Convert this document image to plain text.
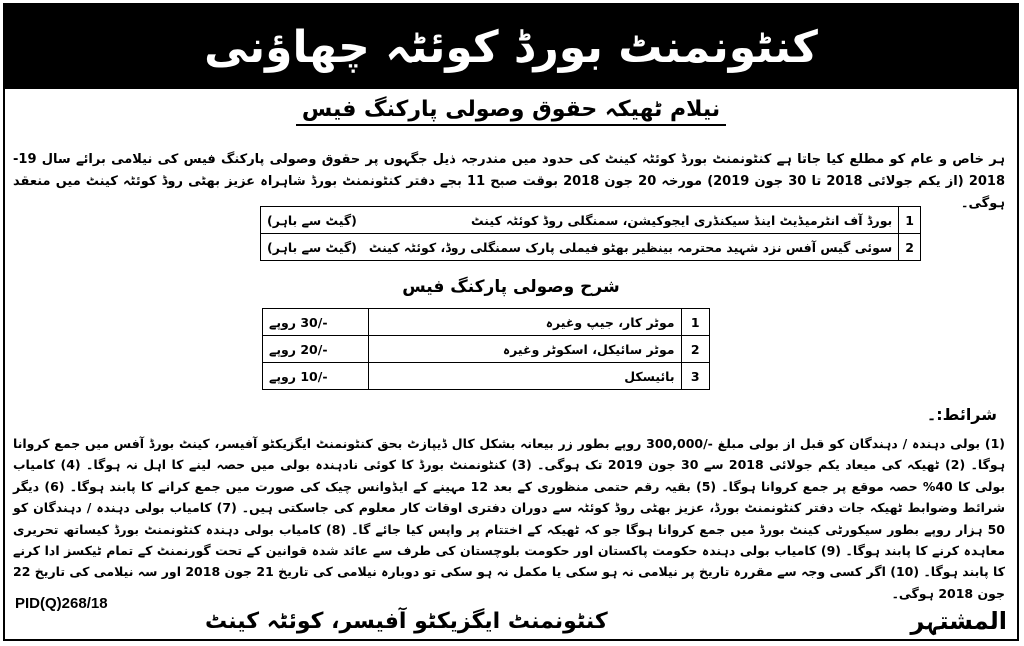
کنٹونمنٹ بورڈ کوئٹہ چھاؤنی
نیلام ٹھیکہ حقوق وصولی پارکنگ فیس
ہر خاص و عام کو مطلع کیا جاتا ہے کنٹونمنٹ بورڈ کوئٹہ کینٹ کی حدود میں مندرجہ ذیل جگہوں پر حقوق وصولی پارکنگ فیس کی نیلامی برائے سال 19-2018 (از یکم جولائی 2018 تا 30 جون 2019) مورخہ 20 جون 2018 بوقت صبح 11 بجے دفتر کنٹونمنٹ بورڈ شاہراہ عزیز بھٹی روڈ کوئٹہ کینٹ میں منعقد ہوگی۔
1	بورڈ آف انٹرمیڈیٹ اینڈ سیکنڈری ایجوکیشن، سمنگلی روڈ کوئٹہ کینٹ	(گیٹ سے باہر)
2	سوئی گیس آفس نزد شہید محترمہ بینظیر بھٹو فیملی پارک سمنگلی روڈ، کوئٹہ کینٹ	(گیٹ سے باہر)
شرح وصولی پارکنگ فیس
1	موٹر کار، جیپ وغیرہ	-/30 روپے
2	موٹر سائیکل، اسکوٹر وغیرہ	-/20 روپے
3	بائیسکل	-/10 روپے
شرائط:۔
(1) بولی دہندہ / دہندگان کو قبل از بولی مبلغ -/300,000 روپے بطور زر بیعانہ بشکل کال ڈیپازٹ بحق کنٹونمنٹ ایگزیکٹو آفیسر، کینٹ بورڈ آفس میں جمع کروانا ہوگا۔ (2) ٹھیکہ کی میعاد یکم جولائی 2018 سے 30 جون 2019 تک ہوگی۔ (3) کنٹونمنٹ بورڈ کا کوئی نادہندہ بولی میں حصہ لینے کا اہل نہ ہوگا۔ (4) کامیاب بولی کا 40% حصہ موقع پر جمع کروانا ہوگا۔ (5) بقیہ رقم حتمی منظوری کے بعد 12 مہینے کے ایڈوانس چیک کی صورت میں جمع کرانے کا پابند ہوگا۔ (6) دیگر شرائط وضوابط ٹھیکہ جات دفتر کنٹونمنٹ بورڈ، عزیز بھٹی روڈ کوئٹہ سے دوران دفتری اوقات کار معلوم کی جاسکتی ہیں۔ (7) کامیاب بولی دہندہ / دہندگان کو 50 ہزار روپے بطور سیکورٹی کینٹ بورڈ میں جمع کروانا ہوگا جو کہ ٹھیکہ کے اختتام پر واپس کیا جائے گا۔ (8) کامیاب بولی دہندہ کنٹونمنٹ بورڈ کیساتھ تحریری معاہدہ کرنے کا پابند ہوگا۔ (9) کامیاب بولی دہندہ حکومت پاکستان اور حکومت بلوچستان کی طرف سے عائد شدہ قوانین کے تحت گورنمنٹ کے تمام ٹیکسز ادا کرنے کا پابند ہوگا۔ (10) اگر کسی وجہ سے مقررہ تاریخ پر نیلامی نہ ہو سکی یا مکمل نہ ہو سکی تو دوبارہ نیلامی کی تاریخ 21 جون 2018 اور سہ نیلامی کی تاریخ 22 جون 2018 ہوگی۔
PID(Q)268/18
المشتہر
کنٹونمنٹ ایگزیکٹو آفیسر، کوئٹہ کینٹ
